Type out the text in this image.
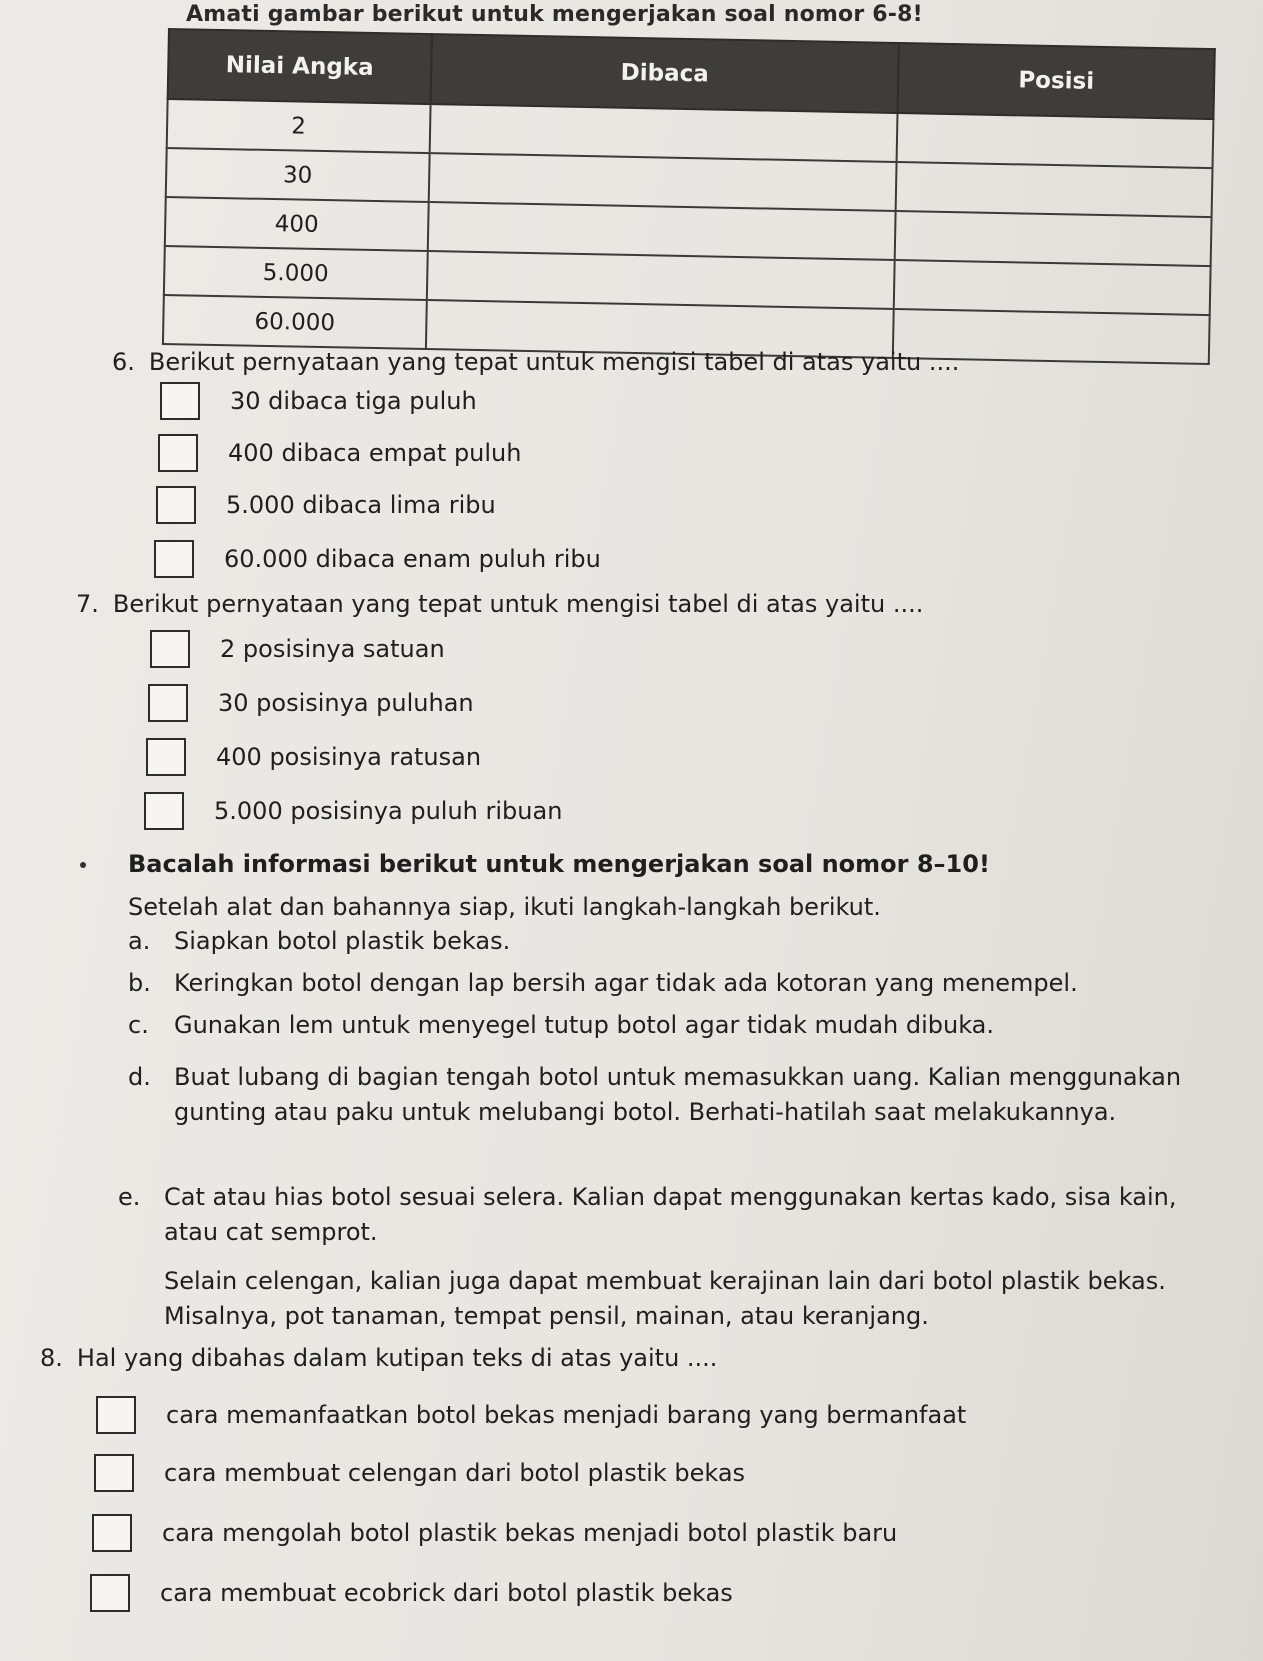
Amati gambar berikut untuk mengerjakan soal nomor 6-8!
Nilai Angka	Dibaca	Posisi
2		
30		
400		
5.000		
60.000		
6. Berikut pernyataan yang tepat untuk mengisi tabel di atas yaitu ....
30 dibaca tiga puluh
400 dibaca empat puluh
5.000 dibaca lima ribu
60.000 dibaca enam puluh ribu
7. Berikut pernyataan yang tepat untuk mengisi tabel di atas yaitu ....
2 posisinya satuan
30 posisinya puluhan
400 posisinya ratusan
5.000 posisinya puluh ribuan
Bacalah informasi berikut untuk mengerjakan soal nomor 8–10!
Setelah alat dan bahannya siap, ikuti langkah-langkah berikut.
a. Siapkan botol plastik bekas.
b. Keringkan botol dengan lap bersih agar tidak ada kotoran yang menempel.
c.	Gunakan lem untuk menyegel tutup botol agar tidak mudah dibuka.
d. Buat lubang di bagian tengah botol untuk memasukkan uang. Kalian menggunakan gunting atau paku untuk melubangi botol. Berhati-hatilah saat melakukannya.
e. Cat atau hias botol sesuai selera. Kalian dapat menggunakan kertas kado, sisa kain, atau cat semprot.
Selain celengan, kalian juga dapat membuat kerajinan lain dari botol plastik bekas. Misalnya, pot tanaman, tempat pensil, mainan, atau keranjang.
8. Hal yang dibahas dalam kutipan teks di atas yaitu ....
cara memanfaatkan botol bekas menjadi barang yang bermanfaat
cara membuat celengan dari botol plastik bekas
cara mengolah botol plastik bekas menjadi botol plastik baru
cara membuat ecobrick dari botol plastik bekas
